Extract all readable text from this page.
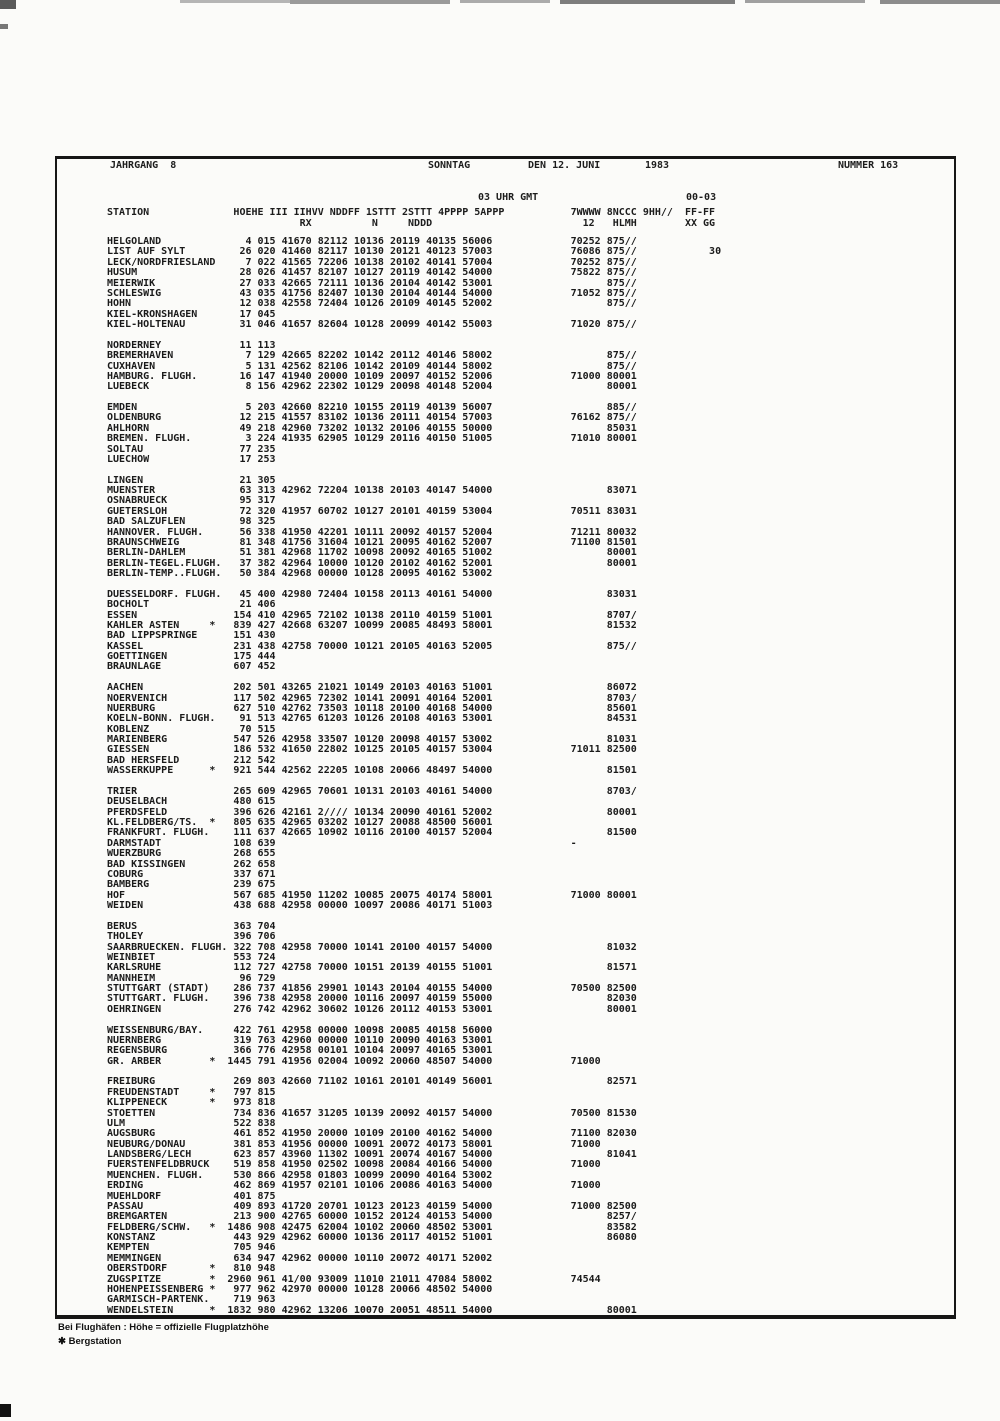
JAHRGANG  8	SONNTAG	DEN 12. JUNI	1983	NUMMER 163
03 UHR GMT	00-03
STATION              HOEHE III IIHVV NDDFF 1STTT 2STTT 4PPPP 5APPP           7WWWW 8NCCC 9HH//  FF-FF
RX          N     NDDD                         12   HLMH        XX GG
HELGOLAND              4 015 41670 82112 10136 20119 40135 56006             70252 875//
LIST AUF SYLT         26 020 41460 82117 10130 20121 40123 57003             76086 875//            30
LECK/NORDFRIESLAND     7 022 41565 72206 10138 20102 40141 57004             70252 875//
HUSUM                 28 026 41457 82107 10127 20119 40142 54000             75822 875//
MEIERWIK              27 033 42665 72111 10136 20104 40142 53001                   875//
SCHLESWIG             43 035 41756 82407 10130 20104 40144 54000             71052 875//
HOHN                  12 038 42558 72404 10126 20109 40145 52002                   875//
KIEL-KRONSHAGEN       17 045
KIEL-HOLTENAU         31 046 41657 82604 10128 20099 40142 55003             71020 875//

NORDERNEY             11 113
BREMERHAVEN            7 129 42665 82202 10142 20112 40146 58002                   875//
CUXHAVEN               5 131 42562 82106 10142 20109 40144 58002                   875//
HAMBURG. FLUGH.       16 147 41940 20000 10109 20097 40152 52006             71000 80001
LUEBECK                8 156 42962 22302 10129 20098 40148 52004                   80001

EMDEN                  5 203 42660 82210 10155 20119 40139 56007                   885//
OLDENBURG             12 215 41557 83102 10136 20111 40154 57003             76162 875//
AHLHORN               49 218 42960 73202 10132 20106 40155 50000                   85031
BREMEN. FLUGH.         3 224 41935 62905 10129 20116 40150 51005             71010 80001
SOLTAU                77 235
LUECHOW               17 253

LINGEN                21 305
MUENSTER              63 313 42962 72204 10138 20103 40147 54000                   83071
OSNABRUECK            95 317
GUETERSLOH            72 320 41957 60702 10127 20101 40159 53004             70511 83031
BAD SALZUFLEN         98 325
HANNOVER. FLUGH.      56 338 41950 42201 10111 20092 40157 52004             71211 80032
BRAUNSCHWEIG          81 348 41756 31604 10121 20095 40162 52007             71100 81501
BERLIN-DAHLEM         51 381 42968 11702 10098 20092 40165 51002                   80001
BERLIN-TEGEL.FLUGH.   37 382 42964 10000 10120 20102 40162 52001                   80001
BERLIN-TEMP..FLUGH.   50 384 42968 00000 10128 20095 40162 53002

DUESSELDORF. FLUGH.   45 400 42980 72404 10158 20113 40161 54000                   83031
BOCHOLT               21 406
ESSEN                154 410 42965 72102 10138 20110 40159 51001                   8707/
KAHLER ASTEN     *   839 427 42668 63207 10099 20085 48493 58001                   81532
BAD LIPPSPRINGE      151 430
KASSEL               231 438 42758 70000 10121 20105 40163 52005                   875//
GOETTINGEN           175 444
BRAUNLAGE            607 452

AACHEN               202 501 43265 21021 10149 20103 40163 51001                   86072
NOERVENICH           117 502 42965 72302 10141 20091 40164 52001                   8703/
NUERBURG             627 510 42762 73503 10118 20100 40168 54000                   85601
KOELN-BONN. FLUGH.    91 513 42765 61203 10126 20108 40163 53001                   84531
KOBLENZ               70 515
MARIENBERG           547 526 42958 33507 10120 20098 40157 53002                   81031
GIESSEN              186 532 41650 22802 10125 20105 40157 53004             71011 82500
BAD HERSFELD         212 542
WASSERKUPPE      *   921 544 42562 22205 10108 20066 48497 54000                   81501

TRIER                265 609 42965 70601 10131 20103 40161 54000                   8703/
DEUSELBACH           480 615
PFERDSFELD           396 626 42161 2//// 10134 20090 40161 52002                   80001
KL.FELDBERG/TS.  *   805 635 42965 03202 10127 20088 48500 56001
FRANKFURT. FLUGH.    111 637 42665 10902 10116 20100 40157 52004                   81500
DARMSTADT            108 639                                                 -
WUERZBURG            268 655
BAD KISSINGEN        262 658
COBURG               337 671
BAMBERG              239 675
HOF                  567 685 41950 11202 10085 20075 40174 58001             71000 80001
WEIDEN               438 688 42958 00000 10097 20086 40171 51003

BERUS                363 704
THOLEY               396 706
SAARBRUECKEN. FLUGH. 322 708 42958 70000 10141 20100 40157 54000                   81032
WEINBIET             553 724
KARLSRUHE            112 727 42758 70000 10151 20139 40155 51001                   81571
MANNHEIM              96 729
STUTTGART (STADT)    286 737 41856 29901 10143 20104 40155 54000             70500 82500
STUTTGART. FLUGH.    396 738 42958 20000 10116 20097 40159 55000                   82030
OEHRINGEN            276 742 42962 30602 10126 20112 40153 53001                   80001

WEISSENBURG/BAY.     422 761 42958 00000 10098 20085 40158 56000
NUERNBERG            319 763 42960 00000 10110 20090 40163 53001
REGENSBURG           366 776 42958 00101 10104 20097 40165 53001
GR. ARBER        *  1445 791 41956 02004 10092 20060 48507 54000             71000

FREIBURG             269 803 42660 71102 10161 20101 40149 56001                   82571
FREUDENSTADT     *   797 815
KLIPPENECK       *   973 818
STOETTEN             734 836 41657 31205 10139 20092 40157 54000             70500 81530
ULM                  522 838
AUGSBURG             461 852 41950 20000 10109 20100 40162 54000             71100 82030
NEUBURG/DONAU        381 853 41956 00000 10091 20072 40173 58001             71000
LANDSBERG/LECH       623 857 43960 11302 10091 20074 40167 54000                   81041
FUERSTENFELDBRUCK    519 858 41950 02502 10098 20084 40166 54000             71000
MUENCHEN. FLUGH.     530 866 42958 01803 10099 20090 40164 53002
ERDING               462 869 41957 02101 10106 20086 40163 54000             71000
MUEHLDORF            401 875
PASSAU               409 893 41720 20701 10123 20123 40159 54000             71000 82500
BREMGARTEN           213 900 42765 60000 10152 20124 40153 54000                   8257/
FELDBERG/SCHW.   *  1486 908 42475 62004 10102 20060 48502 53001                   83582
KONSTANZ             443 929 42962 60000 10136 20117 40152 51001                   86080
KEMPTEN              705 946
MEMMINGEN            634 947 42962 00000 10110 20072 40171 52002
OBERSTDORF       *   810 948
ZUGSPITZE        *  2960 961 41/00 93009 11010 21011 47084 58002             74544
HOHENPEISSENBERG *   977 962 42970 00000 10128 20066 48502 54000
GARMISCH-PARTENK.    719 963
WENDELSTEIN      *  1832 980 42962 13206 10070 20051 48511 54000                   80001
Bei Flughäfen : Höhe = offizielle Flugplatzhöhe
✱ Bergstation
